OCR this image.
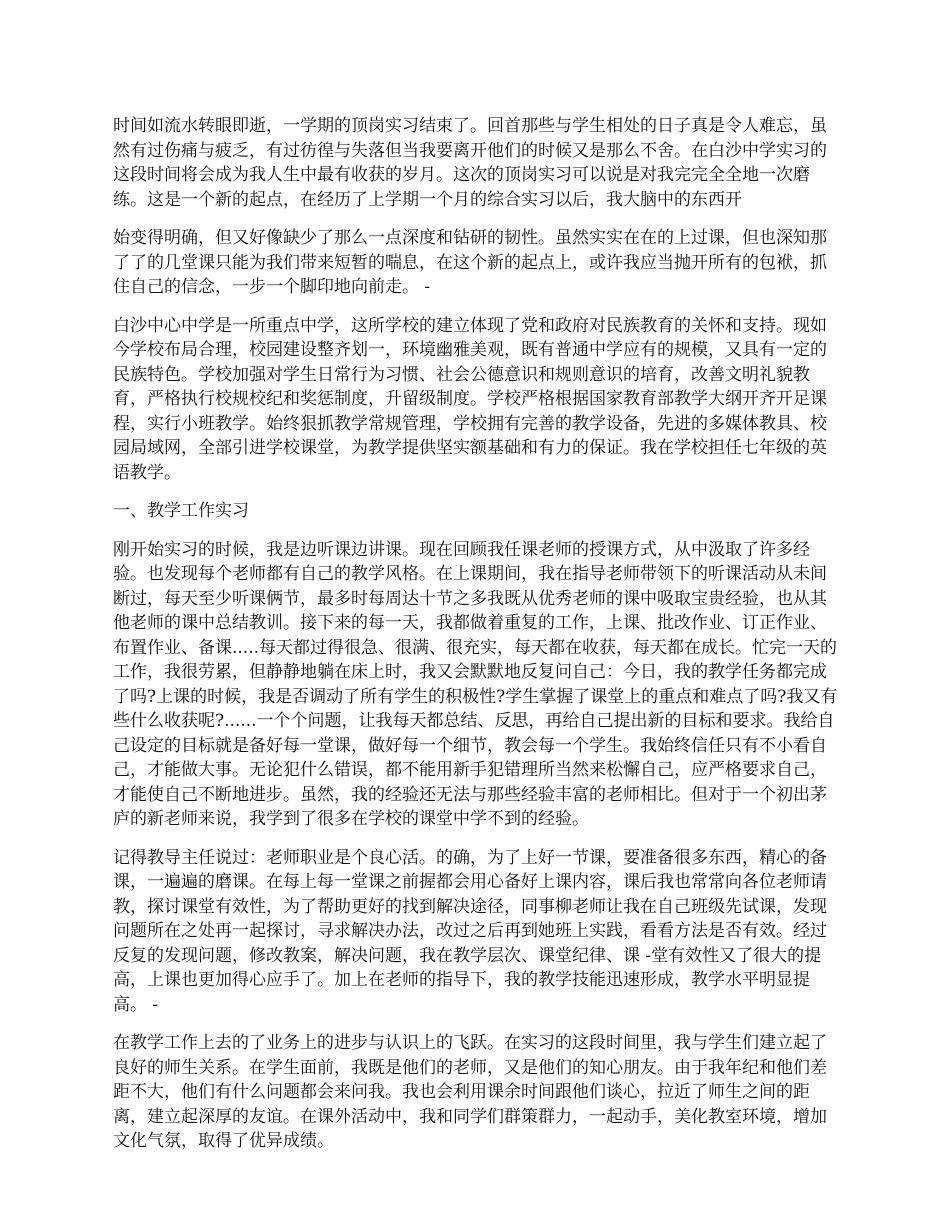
时间如流水转眼即逝，一学期的顶岗实习结束了。回首那些与学生相处的日子真是令人难忘，虽然有过伤痛与疲乏，有过彷徨与失落但当我要离开他们的时候又是那么不舍。在白沙中学实习的这段时间将会成为我人生中最有收获的岁月。这次的顶岗实习可以说是对我完完全全地一次磨练。这是一个新的起点，在经历了上学期一个月的综合实习以后，我大脑中的东西开

始变得明确，但又好像缺少了那么一点深度和钻研的韧性。虽然实实在在的上过课，但也深知那了了的几堂课只能为我们带来短暂的喘息，在这个新的起点上，或许我应当抛开所有的包袱，抓住自己的信念，一步一个脚印地向前走。 -

白沙中心中学是一所重点中学，这所学校的建立体现了党和政府对民族教育的关怀和支持。现如今学校布局合理，校园建设整齐划一，环境幽雅美观，既有普通中学应有的规模，又具有一定的民族特色。学校加强对学生日常行为习惯、社会公德意识和规则意识的培育，改善文明礼貌教育，严格执行校规校纪和奖惩制度，升留级制度。学校严格根据国家教育部教学大纲开齐开足课程，实行小班教学。始终狠抓教学常规管理，学校拥有完善的教学设备，先进的多媒体教具、校园局域网，全部引进学校课堂，为教学提供坚实额基础和有力的保证。我在学校担任七年级的英语教学。

一、教学工作实习

刚开始实习的时候，我是边听课边讲课。现在回顾我任课老师的授课方式，从中汲取了许多经验。也发现每个老师都有自己的教学风格。在上课期间，我在指导老师带领下的听课活动从未间断过，每天至少听课俩节，最多时每周达十节之多我既从优秀老师的课中吸取宝贵经验，也从其他老师的课中总结教训。接下来的每一天，我都做着重复的工作，上课、批改作业、订正作业、布置作业、备课.....每天都过得很急、很满、很充实，每天都在收获，每天都在成长。忙完一天的工作，我很劳累，但静静地躺在床上时，我又会默默地反复问自己：今日，我的教学任务都完成了吗?上课的时候，我是否调动了所有学生的积极性?学生掌握了课堂上的重点和难点了吗?我又有些什么收获呢?......一个个问题，让我每天都总结、反思，再给自己提出新的目标和要求。我给自己设定的目标就是备好每一堂课，做好每一个细节，教会每一个学生。我始终信任只有不小看自己，才能做大事。无论犯什么错误，都不能用新手犯错理所当然来松懈自己，应严格要求自己，才能使自己不断地进步。虽然，我的经验还无法与那些经验丰富的老师相比。但对于一个初出茅庐的新老师来说，我学到了很多在学校的课堂中学不到的经验。

记得教导主任说过：老师职业是个良心活。的确，为了上好一节课，要准备很多东西，精心的备课，一遍遍的磨课。在每上每一堂课之前握都会用心备好上课内容，课后我也常常向各位老师请教，探讨课堂有效性，为了帮助更好的找到解决途径，同事柳老师让我在自己班级先试课，发现问题所在之处再一起探讨，寻求解决办法，改过之后再到她班上实践，看看方法是否有效。经过反复的发现问题，修改教案，解决问题，我在教学层次、课堂纪律、课 -堂有效性又了很大的提高，上课也更加得心应手了。加上在老师的指导下，我的教学技能迅速形成，教学水平明显提高。 -

在教学工作上去的了业务上的进步与认识上的飞跃。在实习的这段时间里，我与学生们建立起了良好的师生关系。在学生面前，我既是他们的老师，又是他们的知心朋友。由于我年纪和他们差距不大，他们有什么问题都会来问我。我也会利用课余时间跟他们谈心，拉近了师生之间的距离，建立起深厚的友谊。在课外活动中，我和同学们群策群力，一起动手，美化教室环境，增加文化气氛，取得了优异成绩。
